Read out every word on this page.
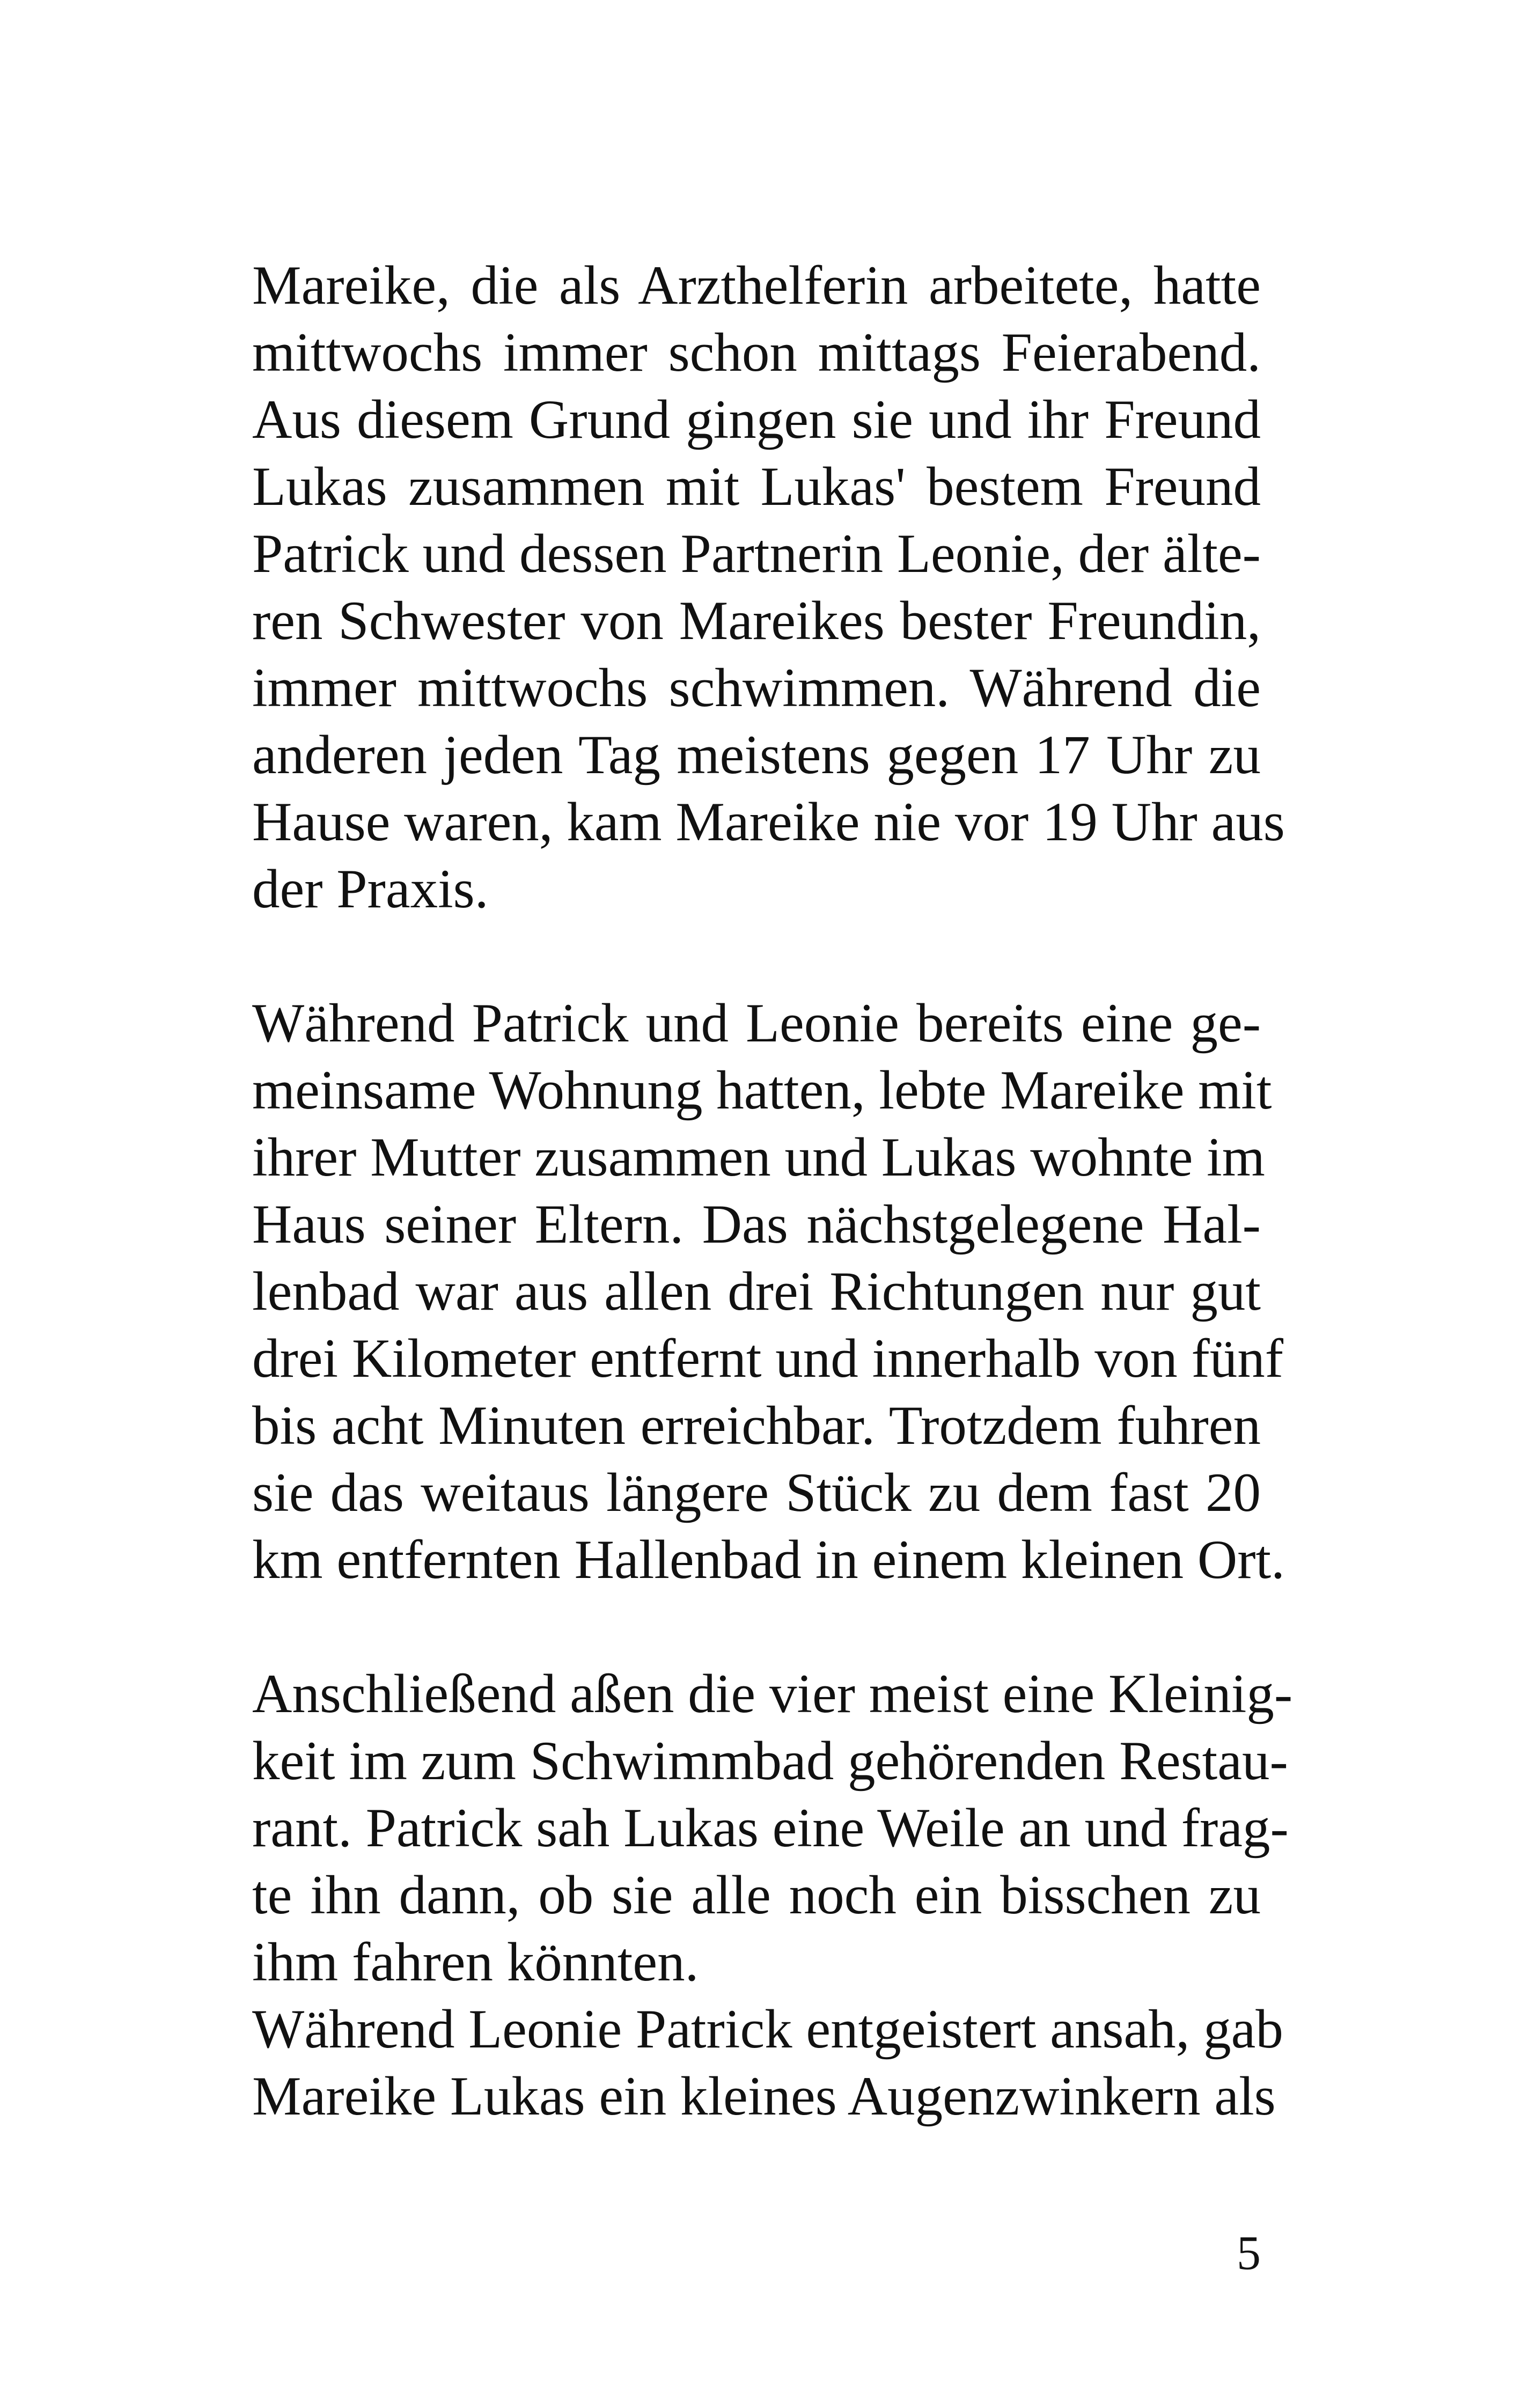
Mareike, die als Arzthelferin arbeitete, hatte
mittwochs immer schon mittags Feierabend.
Aus diesem Grund gingen sie und ihr Freund
Lukas zusammen mit Lukas' bestem Freund
Patrick und dessen Partnerin Leonie, der älte-
ren Schwester von Mareikes bester Freundin,
immer mittwochs schwimmen. Während die
anderen jeden Tag meistens gegen 17 Uhr zu
Hause waren, kam Mareike nie vor 19 Uhr aus
der Praxis.

Während Patrick und Leonie bereits eine ge-
meinsame Wohnung hatten, lebte Mareike mit
ihrer Mutter zusammen und Lukas wohnte im
Haus seiner Eltern. Das nächstgelegene Hal-
lenbad war aus allen drei Richtungen nur gut
drei Kilometer entfernt und innerhalb von fünf
bis acht Minuten erreichbar. Trotzdem fuhren
sie das weitaus längere Stück zu dem fast 20
km entfernten Hallenbad in einem kleinen Ort.

Anschließend aßen die vier meist eine Kleinig-
keit im zum Schwimmbad gehörenden Restau-
rant. Patrick sah Lukas eine Weile an und frag-
te ihn dann, ob sie alle noch ein bisschen zu
ihm fahren könnten.
Während Leonie Patrick entgeistert ansah, gab
Mareike Lukas ein kleines Augenzwinkern als

5
